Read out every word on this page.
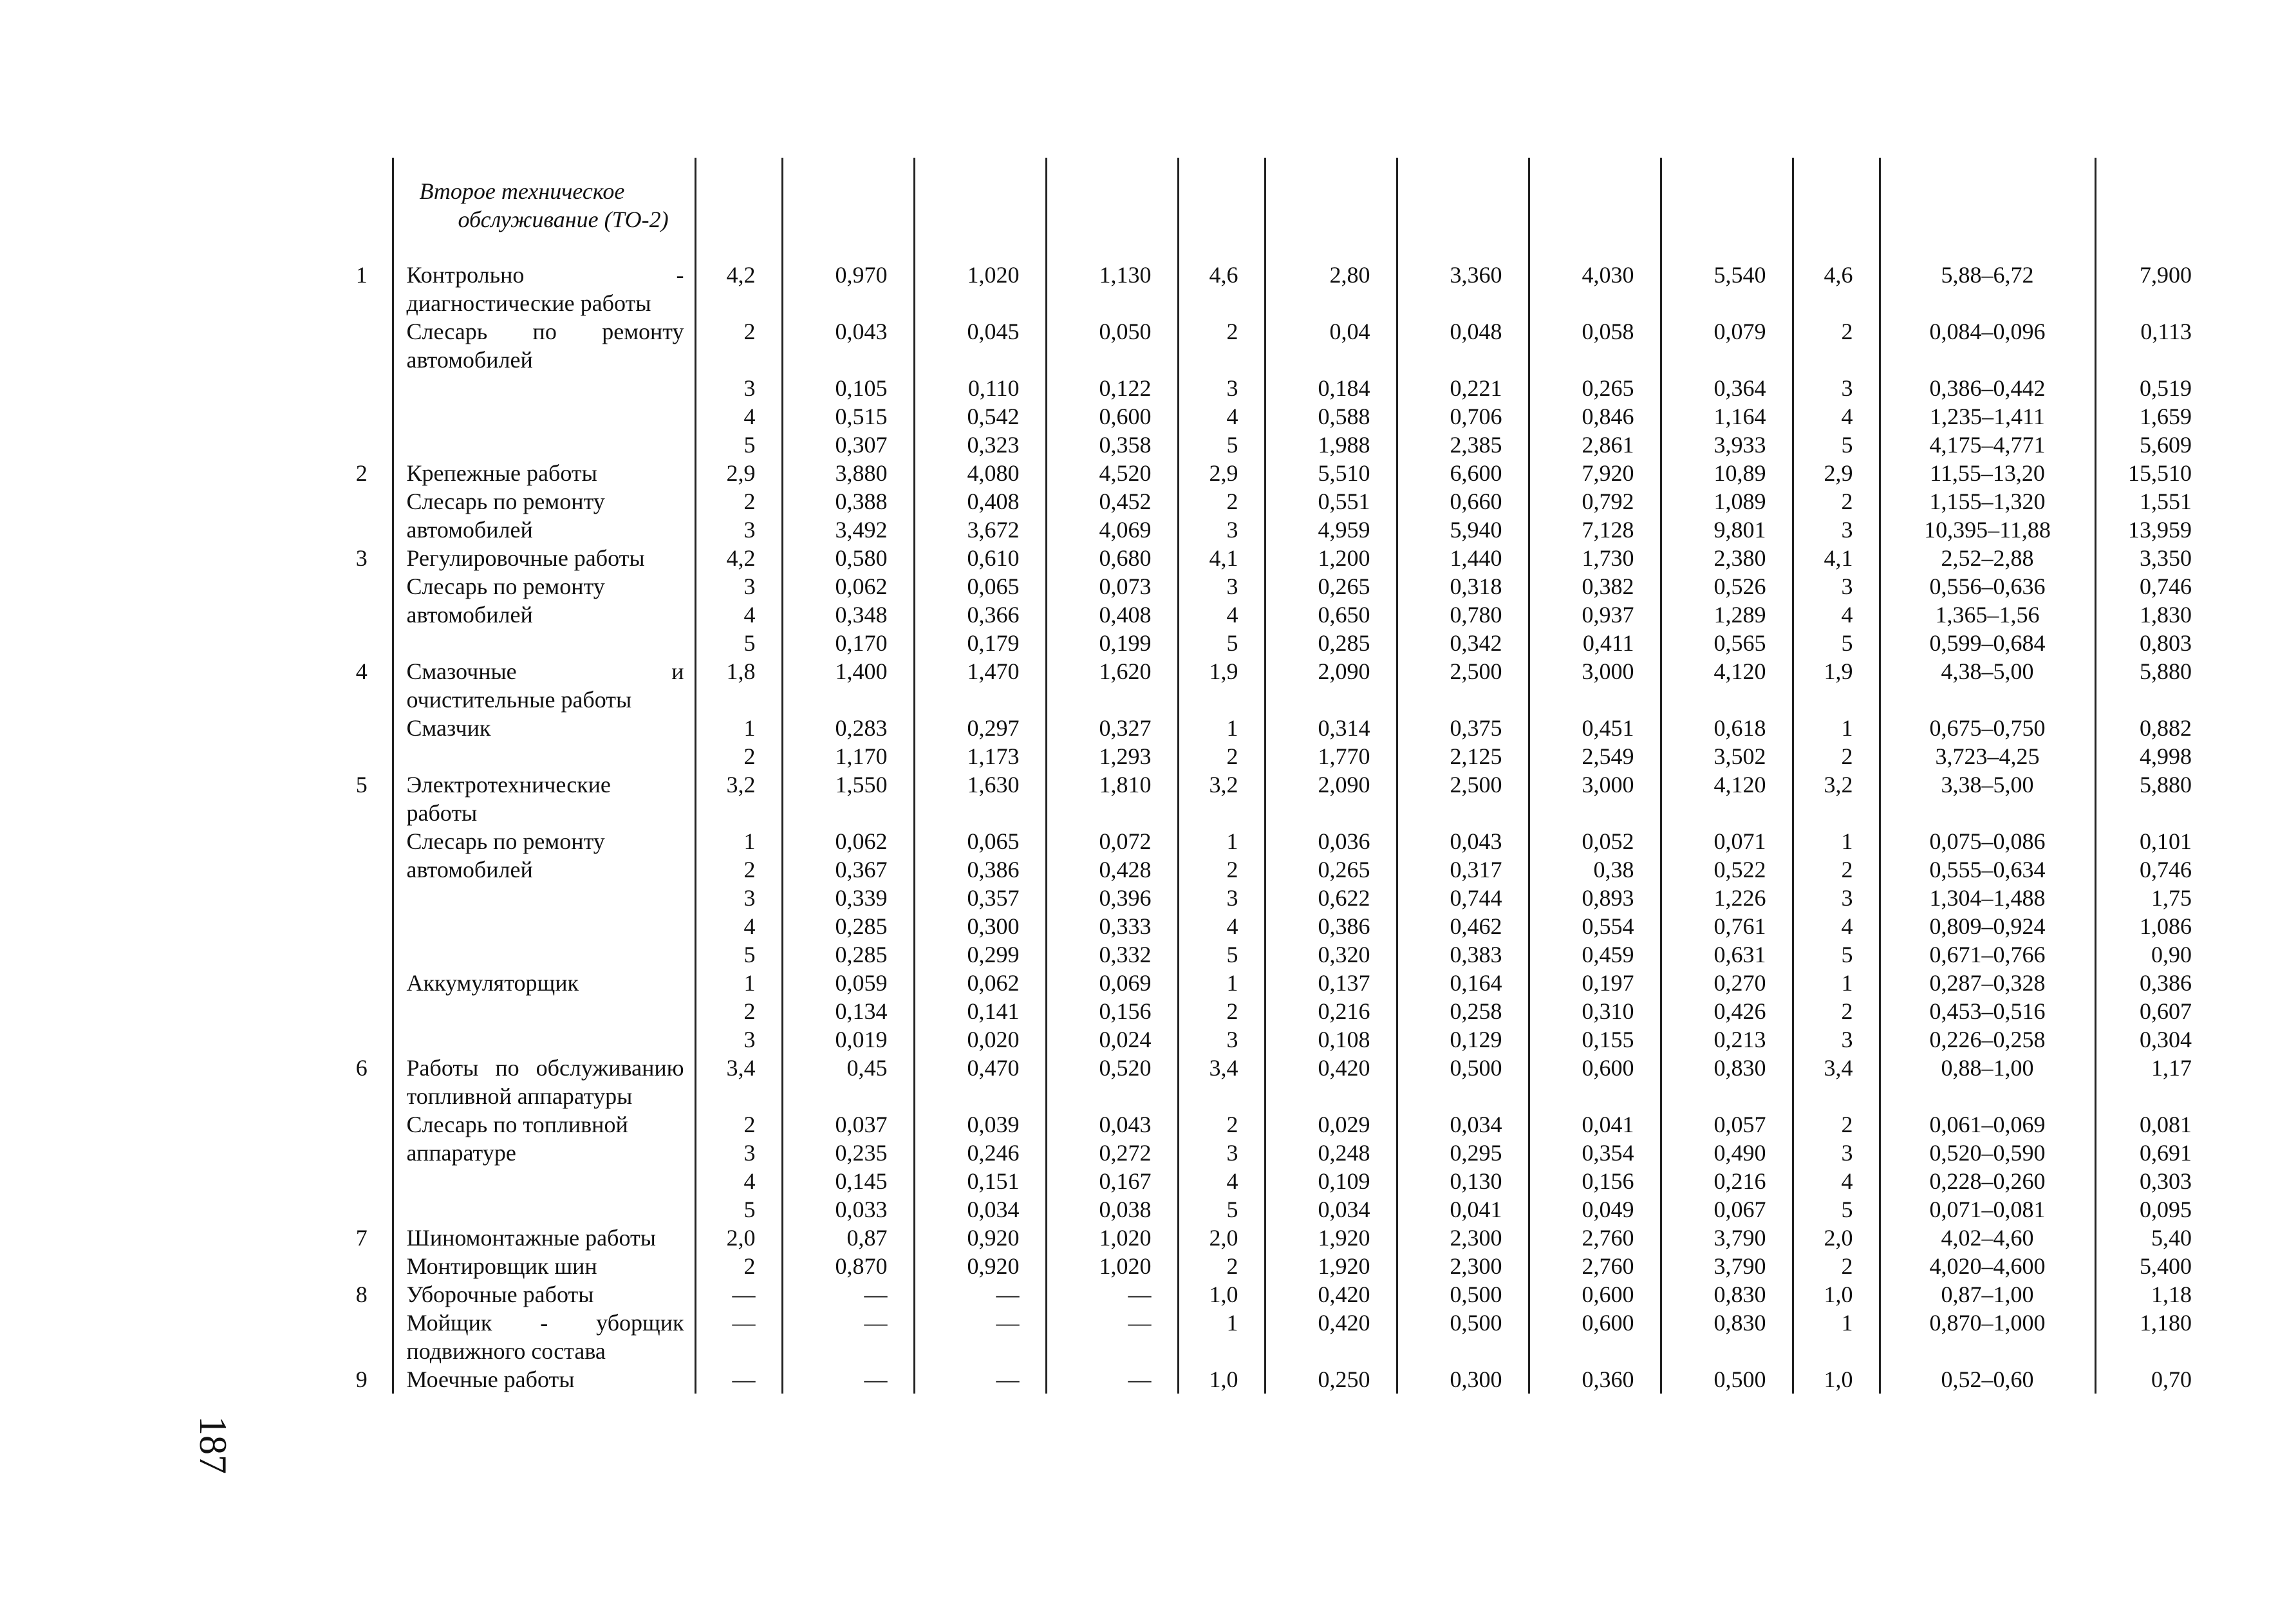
	Второе техническое обслуживание (ТО-2)												
1	Контрольно - диагностические работы	4,2	0,970	1,020	1,130	4,6	2,80	3,360	4,030	5,540	4,6	5,88–6,72	7,900
	Слесарь по ремонту автомобилей	2	0,043	0,045	0,050	2	0,04	0,048	0,058	0,079	2	0,084–0,096	0,113
		3	0,105	0,110	0,122	3	0,184	0,221	0,265	0,364	3	0,386–0,442	0,519
		4	0,515	0,542	0,600	4	0,588	0,706	0,846	1,164	4	1,235–1,411	1,659
		5	0,307	0,323	0,358	5	1,988	2,385	2,861	3,933	5	4,175–4,771	5,609
2	Крепежные работы	2,9	3,880	4,080	4,520	2,9	5,510	6,600	7,920	10,89	2,9	11,55–13,20	15,510
	Слесарь по ремонту	2	0,388	0,408	0,452	2	0,551	0,660	0,792	1,089	2	1,155–1,320	1,551
	автомобилей	3	3,492	3,672	4,069	3	4,959	5,940	7,128	9,801	3	10,395–11,88	13,959
3	Регулировочные работы	4,2	0,580	0,610	0,680	4,1	1,200	1,440	1,730	2,380	4,1	2,52–2,88	3,350
	Слесарь по ремонту	3	0,062	0,065	0,073	3	0,265	0,318	0,382	0,526	3	0,556–0,636	0,746
	автомобилей	4	0,348	0,366	0,408	4	0,650	0,780	0,937	1,289	4	1,365–1,56	1,830
		5	0,170	0,179	0,199	5	0,285	0,342	0,411	0,565	5	0,599–0,684	0,803
4	Смазочные и очистительные работы	1,8	1,400	1,470	1,620	1,9	2,090	2,500	3,000	4,120	1,9	4,38–5,00	5,880
	Смазчик	1	0,283	0,297	0,327	1	0,314	0,375	0,451	0,618	1	0,675–0,750	0,882
		2	1,170	1,173	1,293	2	1,770	2,125	2,549	3,502	2	3,723–4,25	4,998
5	Электротехнические работы	3,2	1,550	1,630	1,810	3,2	2,090	2,500	3,000	4,120	3,2	3,38–5,00	5,880
	Слесарь по ремонту	1	0,062	0,065	0,072	1	0,036	0,043	0,052	0,071	1	0,075–0,086	0,101
	автомобилей	2	0,367	0,386	0,428	2	0,265	0,317	0,38	0,522	2	0,555–0,634	0,746
		3	0,339	0,357	0,396	3	0,622	0,744	0,893	1,226	3	1,304–1,488	1,75
		4	0,285	0,300	0,333	4	0,386	0,462	0,554	0,761	4	0,809–0,924	1,086
		5	0,285	0,299	0,332	5	0,320	0,383	0,459	0,631	5	0,671–0,766	0,90
	Аккумуляторщик	1	0,059	0,062	0,069	1	0,137	0,164	0,197	0,270	1	0,287–0,328	0,386
		2	0,134	0,141	0,156	2	0,216	0,258	0,310	0,426	2	0,453–0,516	0,607
		3	0,019	0,020	0,024	3	0,108	0,129	0,155	0,213	3	0,226–0,258	0,304
6	Работы по обслуживанию топливной аппаратуры	3,4	0,45	0,470	0,520	3,4	0,420	0,500	0,600	0,830	3,4	0,88–1,00	1,17
	Слесарь по топливной	2	0,037	0,039	0,043	2	0,029	0,034	0,041	0,057	2	0,061–0,069	0,081
	аппаратуре	3	0,235	0,246	0,272	3	0,248	0,295	0,354	0,490	3	0,520–0,590	0,691
		4	0,145	0,151	0,167	4	0,109	0,130	0,156	0,216	4	0,228–0,260	0,303
		5	0,033	0,034	0,038	5	0,034	0,041	0,049	0,067	5	0,071–0,081	0,095
7	Шиномонтажные работы	2,0	0,87	0,920	1,020	2,0	1,920	2,300	2,760	3,790	2,0	4,02–4,60	5,40
	Монтировщик шин	2	0,870	0,920	1,020	2	1,920	2,300	2,760	3,790	2	4,020–4,600	5,400
8	Уборочные работы	—	—	—	—	1,0	0,420	0,500	0,600	0,830	1,0	0,87–1,00	1,18
	Мойщик - уборщик подвижного состава	—	—	—	—	1	0,420	0,500	0,600	0,830	1	0,870–1,000	1,180
9	Моечные работы	—	—	—	—	1,0	0,250	0,300	0,360	0,500	1,0	0,52–0,60	0,70
187
